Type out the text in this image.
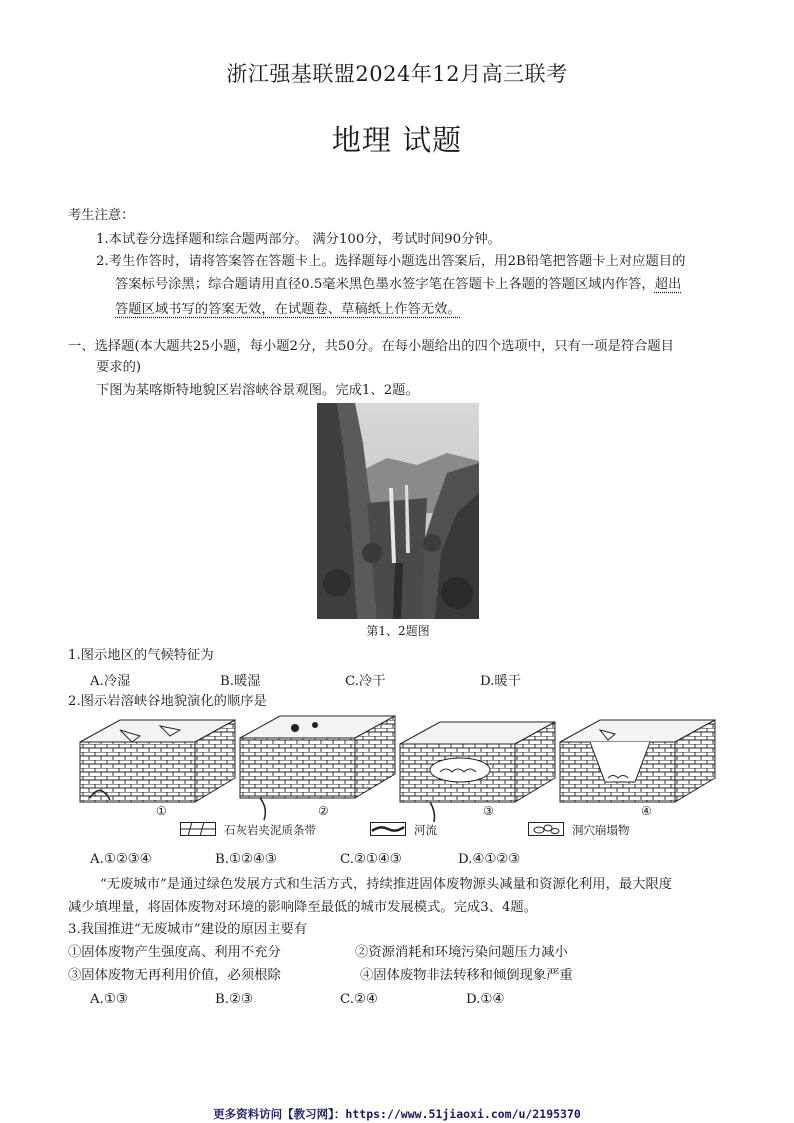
浙江强基联盟2024年12月高三联考
地理 试题
考生注意：
1.本试卷分选择题和综合题两部分。 满分100分，考试时间90分钟。
2.考生作答时，请将答案答在答题卡上。选择题每小题选出答案后，用2B铅笔把答题卡上对应题目的
答案标号涂黑；综合题请用直径0.5毫米黑色墨水签字笔在答题卡上各题的答题区域内作答，超出
答题区域书写的答案无效，在试题卷、草稿纸上作答无效。
一、选择题(本大题共25小题，每小题2分，共50分。在每小题给出的四个选项中，只有一项是符合题目
要求的)
下图为某喀斯特地貌区岩溶峡谷景观图。完成1、2题。
第1、2题图
1.图示地区的气候特征为
A.冷湿	B.暖湿	C.冷干	D.暖干
2.图示岩溶峡谷地貌演化的顺序是
①	②	③	④
石灰岩夹泥质条带	河流	洞穴崩塌物
A.①②③④	B.①②④③	C.②①④③	D.④①②③
“无废城市”是通过绿色发展方式和生活方式，持续推进固体废物源头减量和资源化利用，最大限度
减少填埋量，将固体废物对环境的影响降至最低的城市发展模式。完成3、4题。
3.我国推进“无废城市”建设的原因主要有
①固体废物产生强度高、利用不充分	②资源消耗和环境污染问题压力减小
③固体废物无再利用价值，必须根除	④固体废物非法转移和倾倒现象严重
A.①③	B.②③	C.②④	D.①④
更多资料访问【教习网】：https://www.51jiaoxi.com/u/2195370
